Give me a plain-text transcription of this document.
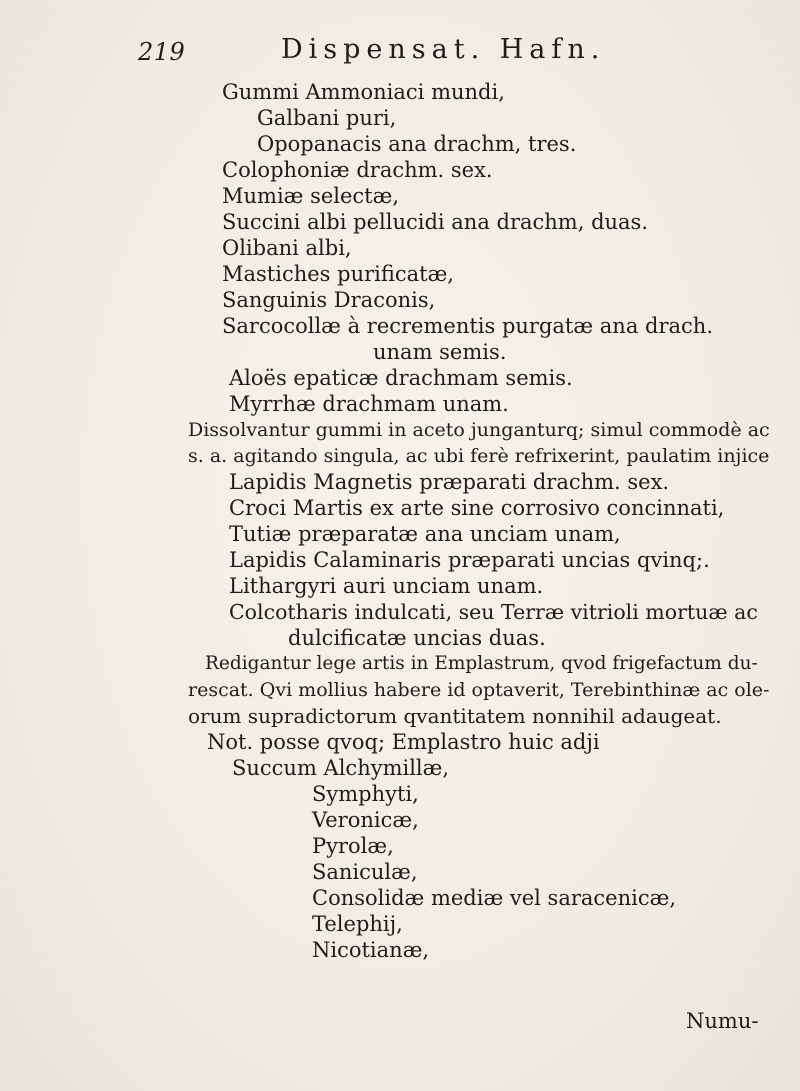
219	Dispensat. Hafn.
Gummi Ammoniaci mundi,
Galbani puri,
Opopanacis ana drachm, tres.
Colophoniæ drachm. sex.
Mumiæ selectæ,
Succini albi pellucidi ana drachm, duas.
Olibani albi,
Mastiches purificatæ,
Sanguinis Draconis,
Sarcocollæ à recrementis purgatæ ana drach.
unam semis.
Aloës epaticæ drachmam semis.
Myrrhæ drachmam unam.
Dissolvantur gummi in aceto junganturq; simul commodè ac
s. a. agitando singula, ac ubi ferè refrixerint, paulatim injice
Lapidis Magnetis præparati drachm. sex.
Croci Martis ex arte sine corrosivo concinnati,
Tutiæ præparatæ ana unciam unam,
Lapidis Calaminaris præparati uncias qvinq;.
Lithargyri auri unciam unam.
Colcotharis indulcati, seu Terræ vitrioli mortuæ ac
dulcificatæ uncias duas.
Redigantur lege artis in Emplastrum, qvod frigefactum du-
rescat. Qvi mollius habere id optaverit, Terebinthinæ ac ole-
orum supradictorum qvantitatem nonnihil adaugeat.
Not. posse qvoq; Emplastro huic adji
Succum Alchymillæ,
Symphyti,
Veronicæ,
Pyrolæ,
Saniculæ,
Consolidæ mediæ vel saracenicæ,
Telephij,
Nicotianæ,
Numu-
